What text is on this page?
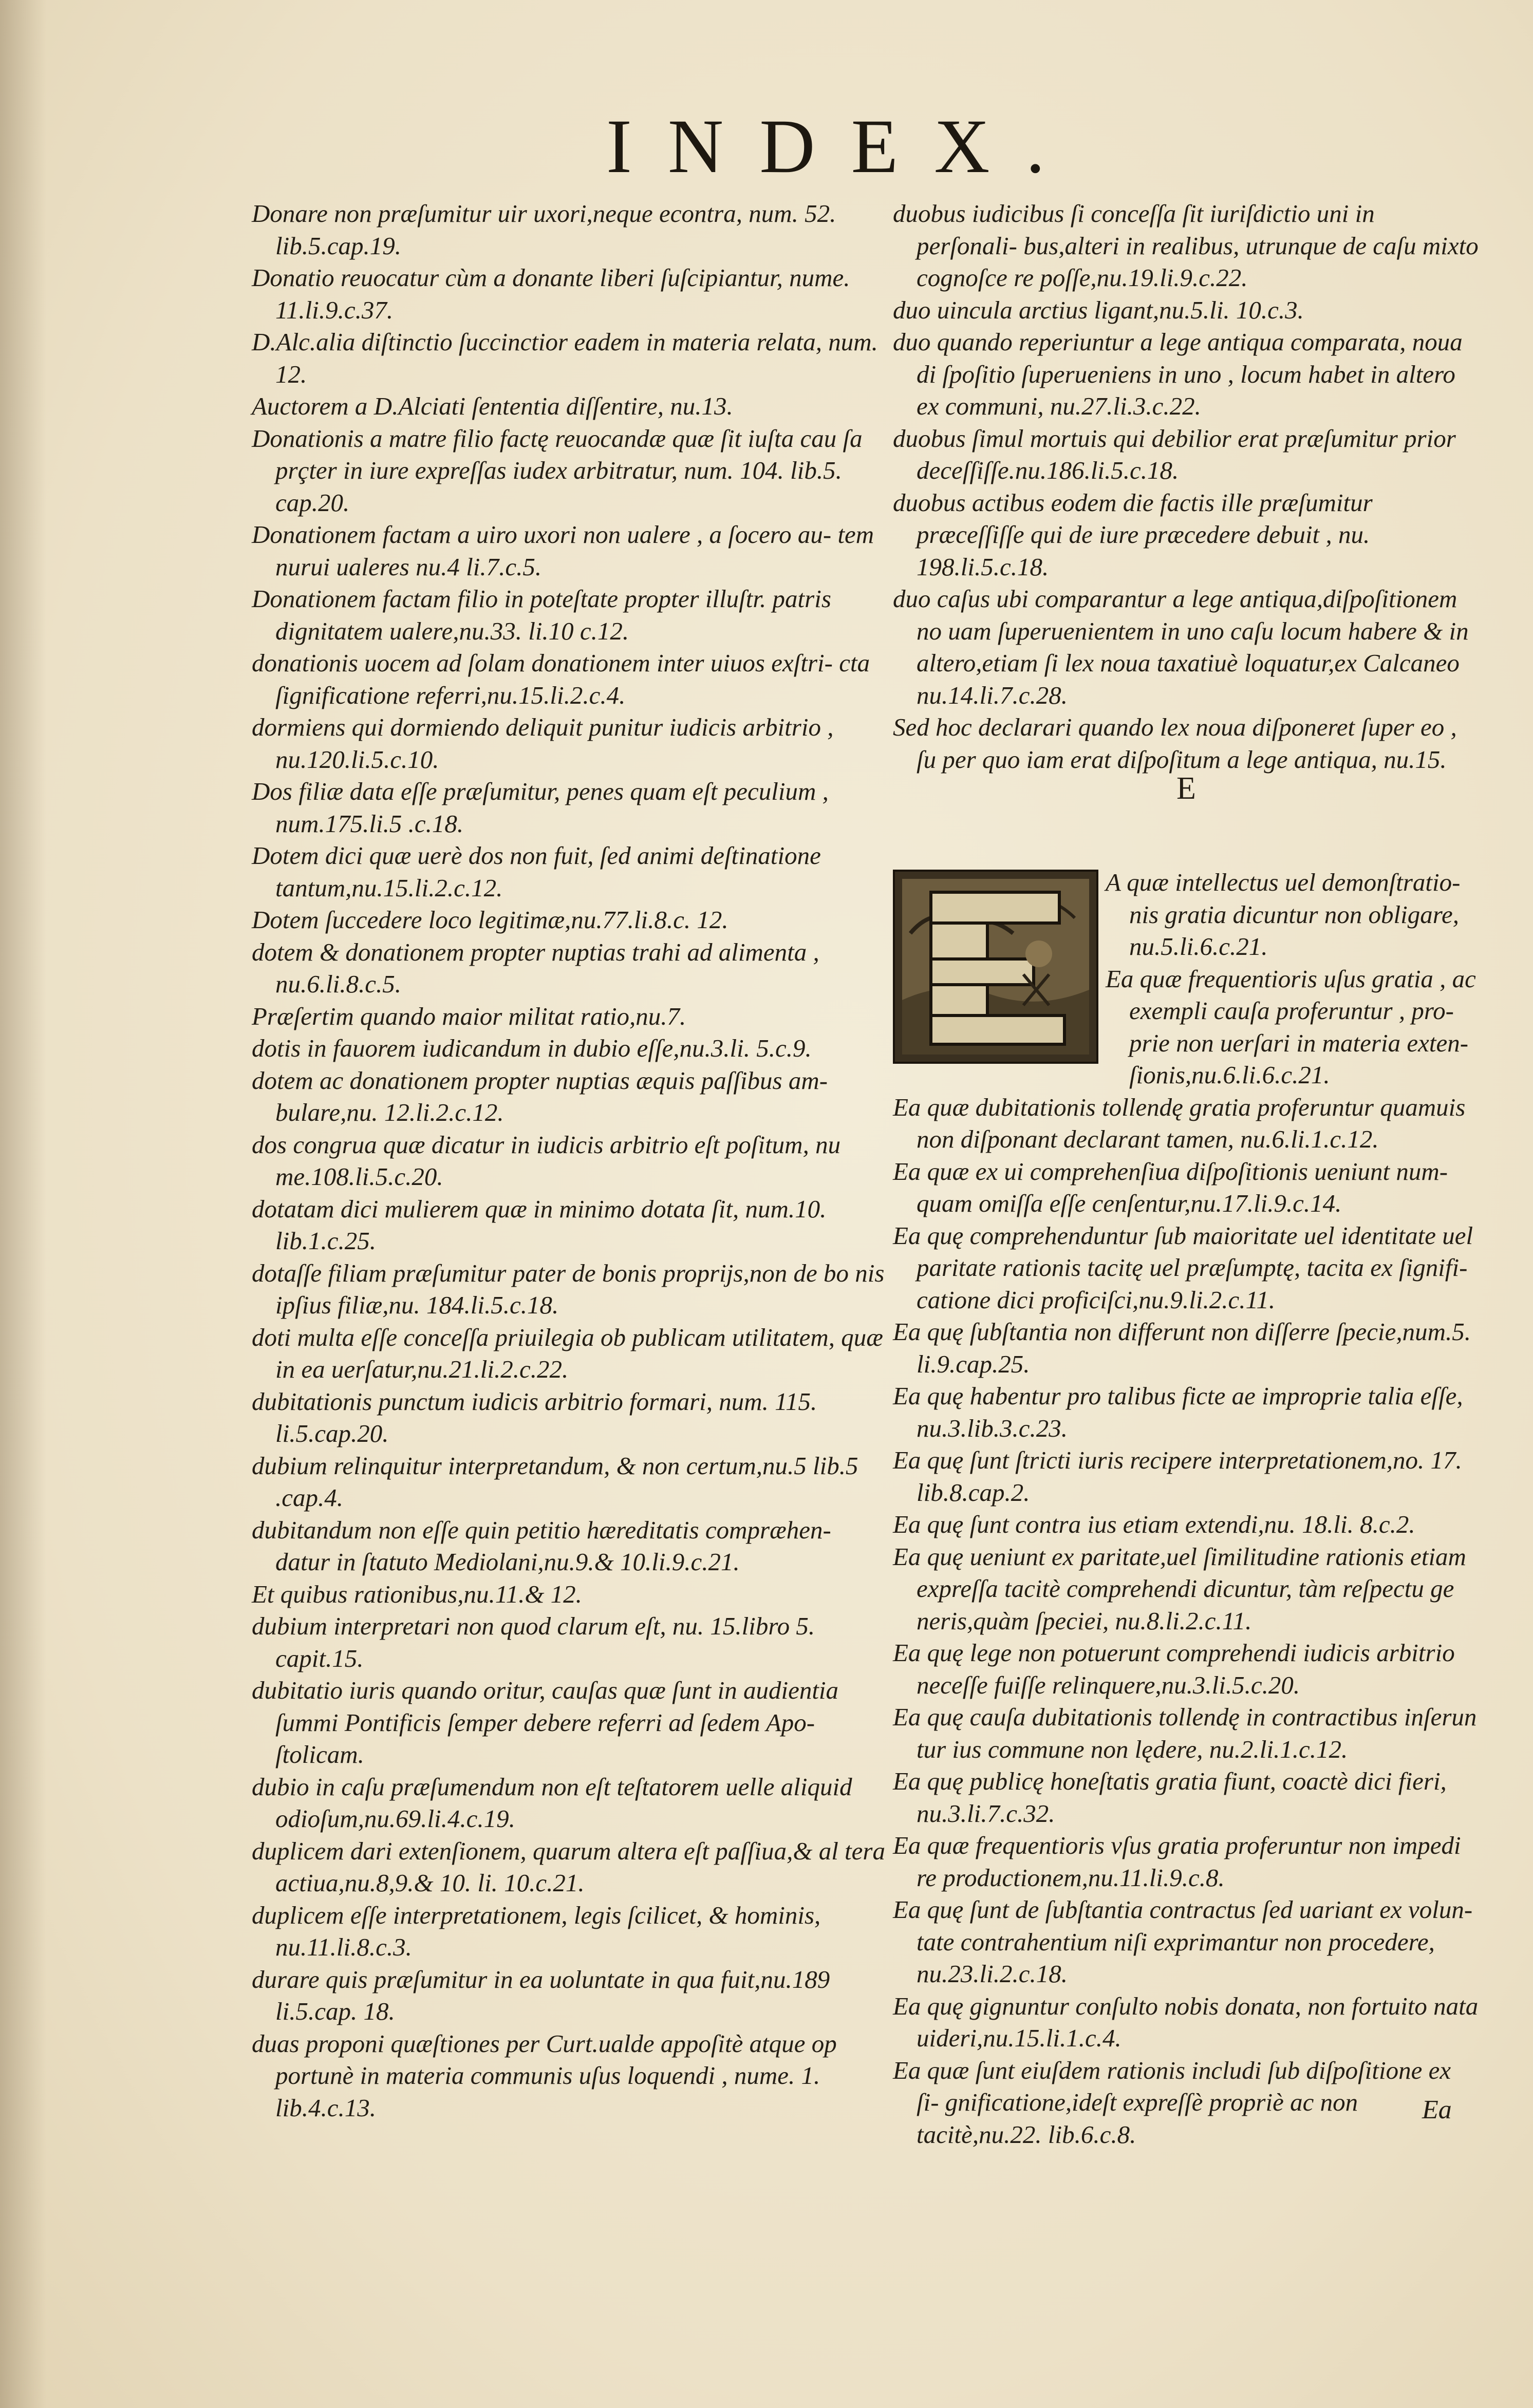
INDEX.

Donare non præſumitur uir uxori,neque econtra, num. 52. lib.5.cap.19.

Donatio reuocatur cùm a donante liberi ſuſcipiantur, nume. 11.li.9.c.37.

D.Alc.alia diſtinctio ſuccinctior eadem in materia relata, num. 12.

Auctorem a D.Alciati ſententia diſſentire, nu.13.

Donationis a matre filio factę reuocandæ quæ ſit iuſta cau ſa prçter in iure expreſſas iudex arbitratur, num. 104. lib.5. cap.20.

Donationem factam a uiro uxori non ualere , a ſocero au- tem nurui ualeres nu.4 li.7.c.5.

Donationem factam filio in poteſtate propter illuſtr. patris dignitatem ualere,nu.33. li.10 c.12.

donationis uocem ad ſolam donationem inter uiuos exſtri- cta ſignificatione referri,nu.15.li.2.c.4.

dormiens qui dormiendo deliquit punitur iudicis arbitrio , nu.120.li.5.c.10.

Dos filiæ data eſſe præſumitur, penes quam eſt peculium , num.175.li.5 .c.18.

Dotem dici quæ uerè dos non fuit, ſed animi deſtinatione tantum,nu.15.li.2.c.12.

Dotem ſuccedere loco legitimæ,nu.77.li.8.c. 12.

dotem & donationem propter nuptias trahi ad alimenta , nu.6.li.8.c.5.

Præſertim quando maior militat ratio,nu.7.

dotis in fauorem iudicandum in dubio eſſe,nu.3.li. 5.c.9.

dotem ac donationem propter nuptias æquis paſſibus am- bulare,nu. 12.li.2.c.12.

dos congrua quæ dicatur in iudicis arbitrio eſt poſitum, nu me.108.li.5.c.20.

dotatam dici mulierem quæ in minimo dotata ſit, num.10. lib.1.c.25.

dotaſſe filiam præſumitur pater de bonis proprijs,non de bo nis ipſius filiæ,nu. 184.li.5.c.18.

doti multa eſſe conceſſa priuilegia ob publicam utilitatem, quæ in ea uerſatur,nu.21.li.2.c.22.

dubitationis punctum iudicis arbitrio formari, num. 115. li.5.cap.20.

dubium relinquitur interpretandum, & non certum,nu.5 lib.5 .cap.4.

dubitandum non eſſe quin petitio hæreditatis compræhen- datur in ſtatuto Mediolani,nu.9.& 10.li.9.c.21.

Et quibus rationibus,nu.11.& 12.

dubium interpretari non quod clarum eſt, nu. 15.libro 5. capit.15.

dubitatio iuris quando oritur, cauſas quæ ſunt in audientia ſummi Pontificis ſemper debere referri ad ſedem Apo- ſtolicam.

dubio in caſu præſumendum non eſt teſtatorem uelle aliquid odioſum,nu.69.li.4.c.19.

duplicem dari extenſionem, quarum altera eſt paſſiua,& al tera actiua,nu.8,9.& 10. li. 10.c.21.

duplicem eſſe interpretationem, legis ſcilicet, & hominis, nu.11.li.8.c.3.

durare quis præſumitur in ea uoluntate in qua fuit,nu.189 li.5.cap. 18.

duas proponi quæſtiones per Curt.ualde appoſitè atque op portunè in materia communis uſus loquendi , nume. 1. lib.4.c.13.

duobus iudicibus ſi conceſſa ſit iuriſdictio uni in perſonali- bus,alteri in realibus, utrunque de caſu mixto cognoſce re poſſe,nu.19.li.9.c.22.

duo uincula arctius ligant,nu.5.li. 10.c.3.

duo quando reperiuntur a lege antiqua comparata, noua di ſpoſitio ſuperueniens in uno , locum habet in altero ex communi, nu.27.li.3.c.22.

duobus ſimul mortuis qui debilior erat præſumitur prior deceſſiſſe.nu.186.li.5.c.18.

duobus actibus eodem die factis ille præſumitur præceſſiſſe qui de iure præcedere debuit , nu. 198.li.5.c.18.

duo caſus ubi comparantur a lege antiqua,diſpoſitionem no uam ſuperuenientem in uno caſu locum habere & in altero,etiam ſi lex noua taxatiuè loquatur,ex Calcaneo nu.14.li.7.c.28.

Sed hoc declarari quando lex noua diſponeret ſuper eo , ſu per quo iam erat diſpoſitum a lege antiqua, nu.15.

A quæ intellectus uel demonſtratio- nis gratia dicuntur non obligare, nu.5.li.6.c.21.

Ea quæ frequentioris uſus gratia , ac exempli cauſa proferuntur , pro- prie non uerſari in materia exten- ſionis,nu.6.li.6.c.21.

Ea quæ dubitationis tollendę gratia proferuntur quamuis non diſponant declarant tamen, nu.6.li.1.c.12.

Ea quæ ex ui comprehenſiua diſpoſitionis ueniunt num- quam omiſſa eſſe cenſentur,nu.17.li.9.c.14.

Ea quę comprehenduntur ſub maioritate uel identitate uel paritate rationis tacitę uel præſumptę, tacita ex ſignifi- catione dici proficiſci,nu.9.li.2.c.11.

Ea quę ſubſtantia non differunt non diſſerre ſpecie,num.5. li.9.cap.25.

Ea quę habentur pro talibus ficte ae improprie talia eſſe, nu.3.lib.3.c.23.

Ea quę ſunt ſtricti iuris recipere interpretationem,no. 17. lib.8.cap.2.

Ea quę ſunt contra ius etiam extendi,nu. 18.li. 8.c.2.

Ea quę ueniunt ex paritate,uel ſimilitudine rationis etiam expreſſa tacitè comprehendi dicuntur, tàm reſpectu ge neris,quàm ſpeciei, nu.8.li.2.c.11.

Ea quę lege non potuerunt comprehendi iudicis arbitrio neceſſe fuiſſe relinquere,nu.3.li.5.c.20.

Ea quę cauſa dubitationis tollendę in contractibus inſerun tur ius commune non lędere, nu.2.li.1.c.12.

Ea quę publicę honeſtatis gratia fiunt, coactè dici fieri, nu.3.li.7.c.32.

Ea quæ frequentioris vſus gratia proferuntur non impedi re productionem,nu.11.li.9.c.8.

Ea quę ſunt de ſubſtantia contractus ſed uariant ex volun- tate contrahentium niſi exprimantur non procedere, nu.23.li.2.c.18.

Ea quę gignuntur conſulto nobis donata, non fortuito nata uideri,nu.15.li.1.c.4.

Ea quæ ſunt eiuſdem rationis includi ſub diſpoſitione ex ſi- gnificatione,ideſt expreſſè propriè ac non tacitè,nu.22. lib.6.c.8.

E
Ea
